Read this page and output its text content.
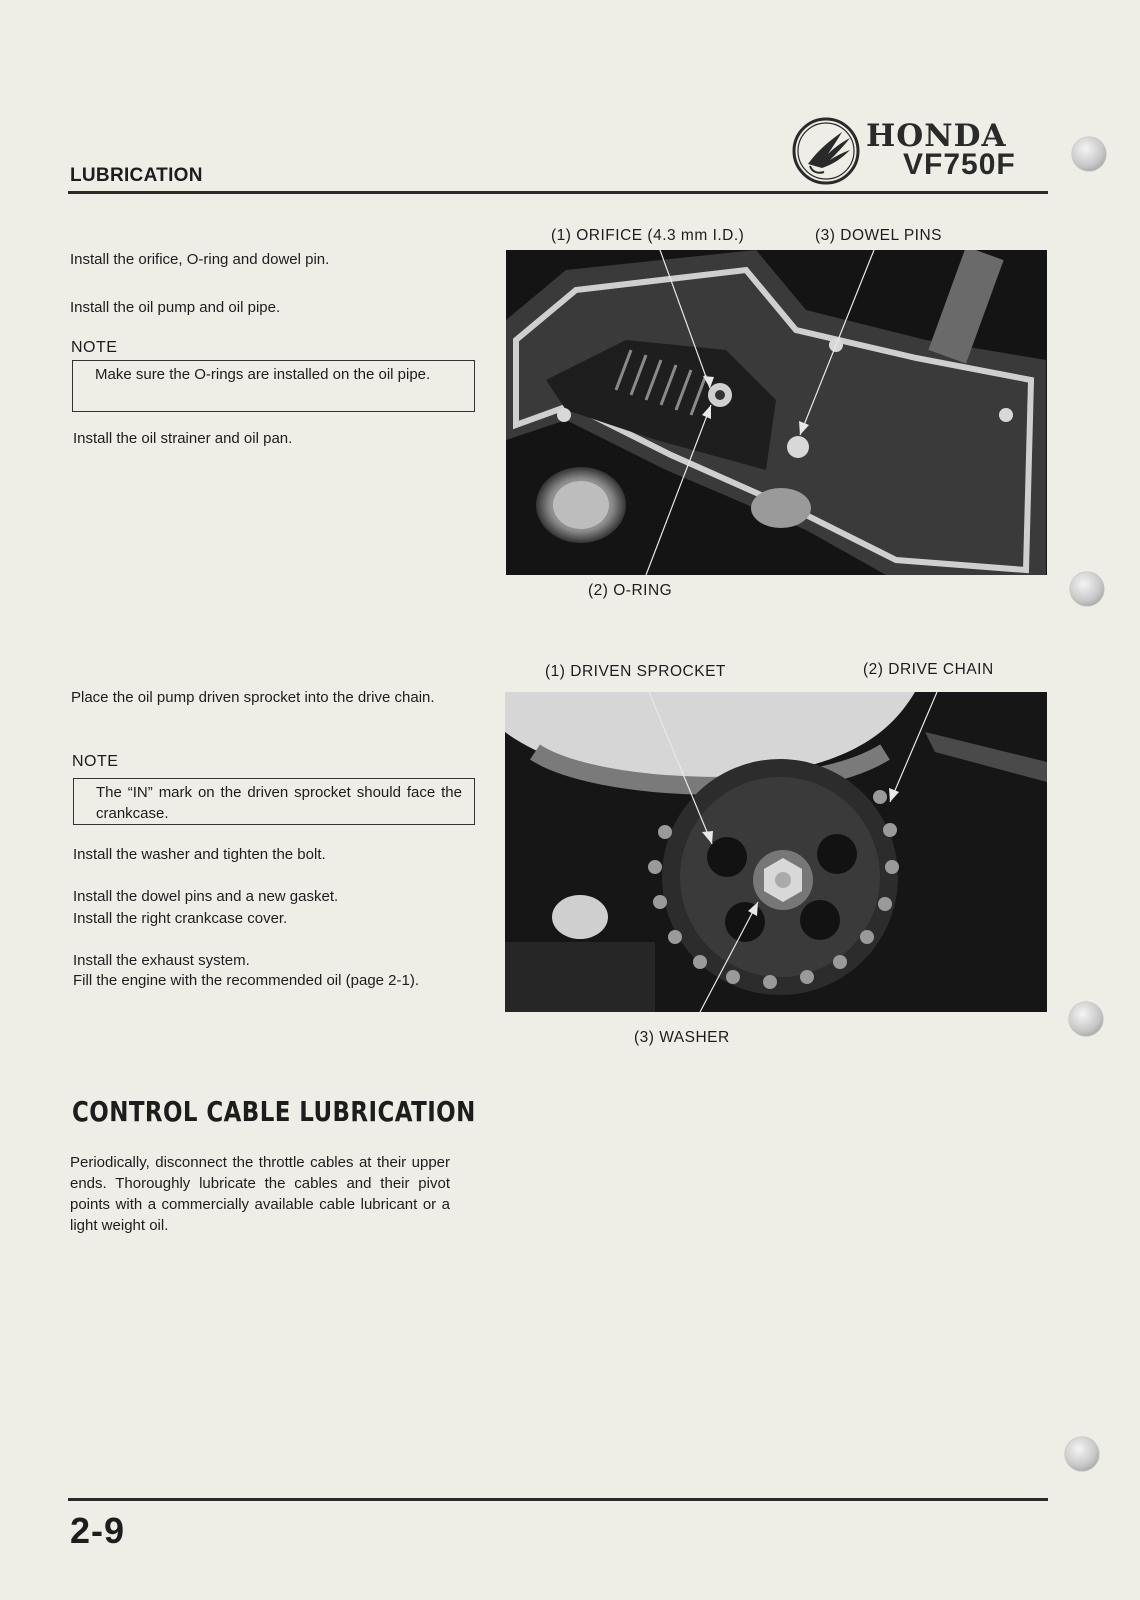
LUBRICATION
HONDA
VF750F
Install the orifice, O-ring and dowel pin.
Install the oil pump and oil pipe.
NOTE
Make sure the O-rings are installed on the oil pipe.
Install the oil strainer and oil pan.
Place the oil pump driven sprocket into the drive chain.
NOTE
The “IN” mark on the driven sprocket should face the crankcase.
Install the washer and tighten the bolt.
Install the dowel pins and a new gasket.
Install the right crankcase cover.
Install the exhaust system.
Fill the engine with the recommended oil (page 2-1).
CONTROL CABLE LUBRICATION
Periodically, disconnect the throttle cables at their upper ends. Thoroughly lubricate the cables and their pivot points with a commercially available cable lubricant or a light weight oil.
(1) ORIFICE (4.3 mm I.D.)	(3) DOWEL PINS
(2) O-RING
(1) DRIVEN SPROCKET	(2) DRIVE CHAIN
(3) WASHER
2-9
